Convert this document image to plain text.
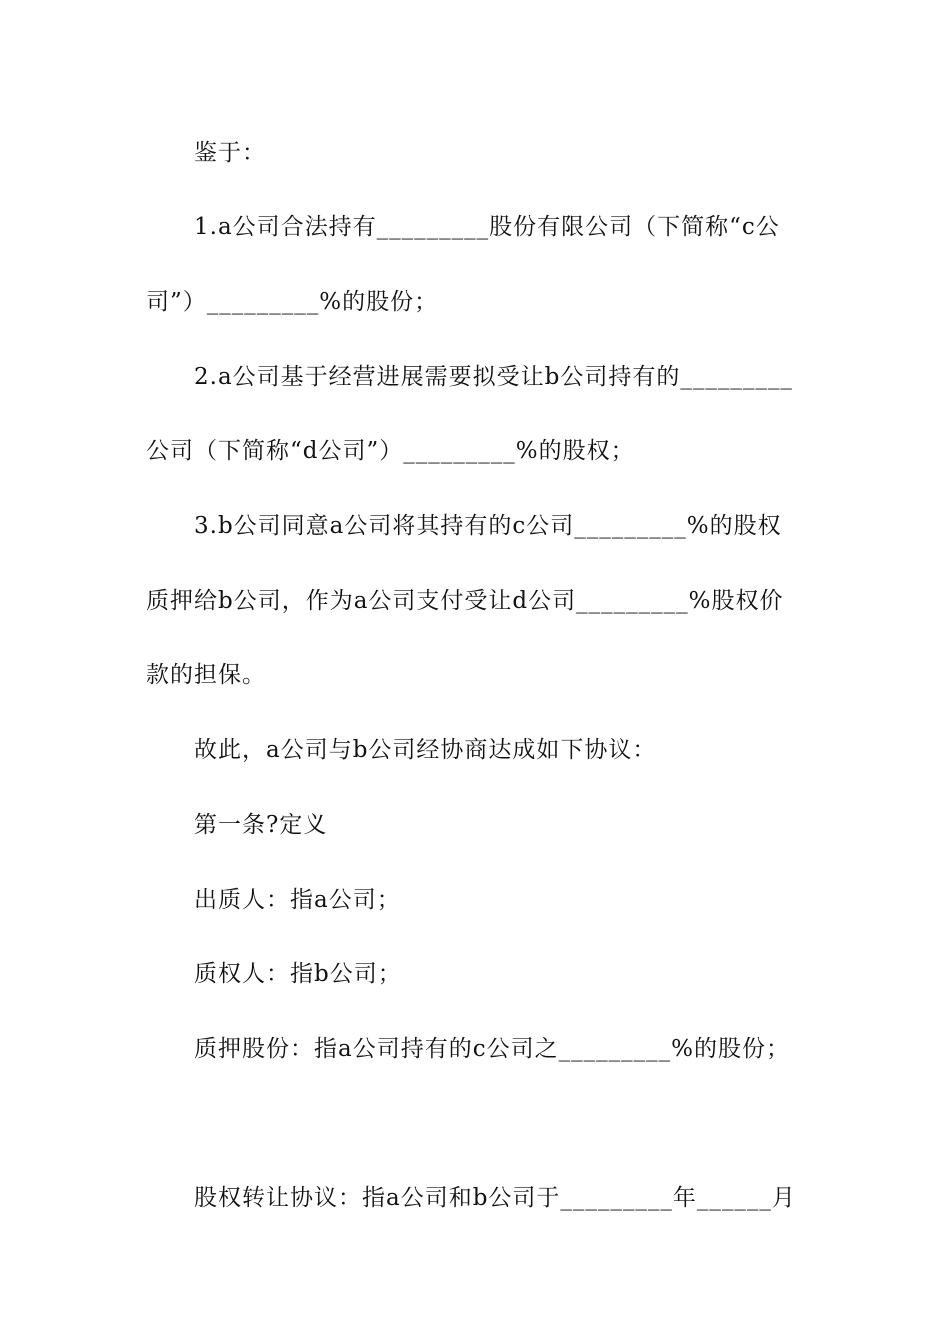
鉴于：
1.a公司合法持有_________股份有限公司（下简称“c公
司”）_________%的股份；
2.a公司基于经营进展需要拟受让b公司持有的_________
公司（下简称“d公司”）_________%的股权；
3.b公司同意a公司将其持有的c公司_________%的股权
质押给b公司，作为a公司支付受让d公司_________%股权价
款的担保。
故此，a公司与b公司经协商达成如下协议：
第一条?定义
出质人：指a公司；
质权人：指b公司；
质押股份：指a公司持有的c公司之_________%的股份；
股权转让协议：指a公司和b公司于_________年______月
